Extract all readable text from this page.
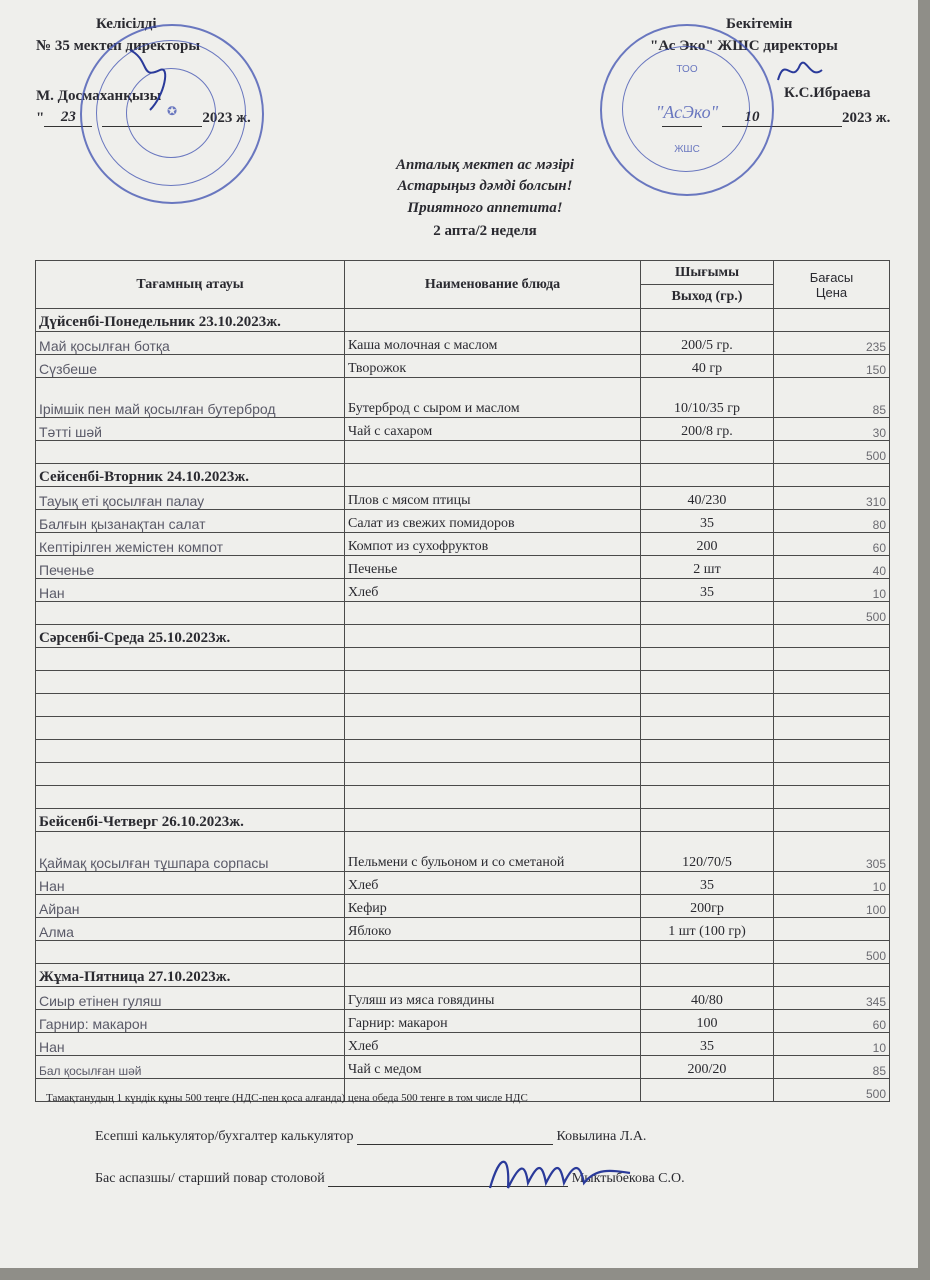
Келісілді
№ 35 мектеп директоры
М. Досмаханқызы
" 23	2023 ж.
✪
Бекітемін
"Ас Эко" ЖШС директоры
К.С.Ибраева
10	2023 ж.
ТОО
"АсЭко"
ЖШС
Апталық мектеп ас мәзірі
Астарыңыз дәмді болсын!
Приятного аппетита!
2 апта/2 неделя
Тағамның атауы	Наименование блюда	Шығымы	Бағасы
Цена
		Выход (гр.)	
Дүйсенбі-Понедельник 23.10.2023ж.			
Май қосылған ботқа	Каша молочная с маслом	200/5 гр.	235
Сүзбеше	Творожок	40 гр	150
Ірімшік пен май қосылған бутерброд	Бутерброд с сыром и маслом	10/10/35 гр	85
Тәтті шәй	Чай с сахаром	200/8 гр.	30
			500
Сейсенбі-Вторник 24.10.2023ж.			
Тауық еті қосылған палау	Плов с мясом птицы	40/230	310
Балғын қызанақтан салат	Салат из свежих помидоров	35	80
Кептірілген жемістен компот	Компот из сухофруктов	200	60
Печенье	Печенье	2 шт	40
Нан	Хлеб	35	10
			500
Сәрсенбі-Среда 25.10.2023ж.			

Бейсенбі-Четверг 26.10.2023ж.			
Қаймақ қосылған тұшпара сорпасы	Пельмени с бульоном и со сметаной	120/70/5	305
Нан	Хлеб	35	10
Айран	Кефир	200гр	100
Алма	Яблоко	1 шт (100 гр)	
			500
Жұма-Пятница 27.10.2023ж.			
Сиыр етінен гуляш	Гуляш из мяса говядины	40/80	345
Гарнир: макарон	Гарнир: макарон	100	60
Нан	Хлеб	35	10
Бал қосылған шәй	Чай с медом	200/20	85
			500
Тамақтанудың 1 күндік құны 500 теңге (НДС-пен қоса алғанда) цена обеда 500 тенге в том числе НДС
Есепші калькулятор/бухгалтер калькулятор	Ковылина Л.А.
Бас аспазшы/ старший повар столовой	Мыктыбекова С.О.
